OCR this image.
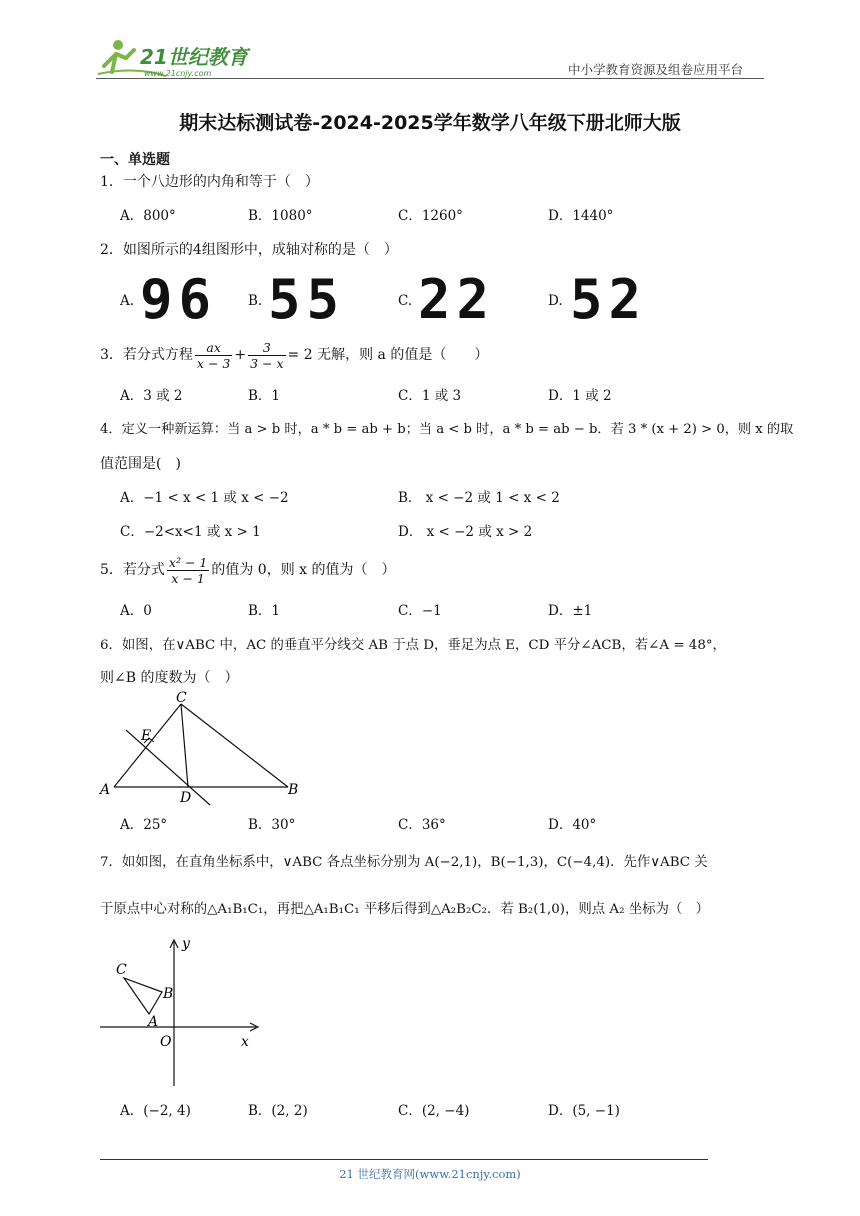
21世纪教育
www.21cnjy.com	中小学教育资源及组卷应用平台
期末达标测试卷-2024-2025学年数学八年级下册北师大版
一、单选题
1．一个八边形的内角和等于（　）
A．800°	B．1080°	C．1260°	D．1440°
2．如图所示的4组图形中，成轴对称的是（　）
A. 96 B. 55	C. 22	D. 52
3．若分式方程 $\frac{ax}{x - 3} + \frac{3}{3 - x} = 2$ 无解，则 a 的值是（　　）
A．3 或 2	B．1	C．1 或 3	D．1 或 2
4．定义一种新运算：当 a > b 时，a * b = ab + b；当 a < b 时，a * b = ab − b．若 3 * (x + 2) > 0，则 x 的取
值范围是(　)
A．−1 < x < 1 或 x < −2	B． x < −2 或 1 < x < 2
C．−2<x<1 或 x > 1	D． x < −2 或 x > 2
5．若分式 $\frac{\text{x² − 1}}{x - 1}$ 的值为 0，则 x 的值为（　）
A．0	B．1	C．−1	D．±1
6．如图，在∨ABC 中，AC 的垂直平分线交 AB 于点 D，垂足为点 E，CD 平分∠ACB，若∠A = 48°，
则∠B 的度数为（　）
C
E
A	D	B
A．25°	B．30°	C．36°	D．40°
7．如如图，在直角坐标系中，∨ABC 各点坐标分别为 A(−2,1)，B(−1,3)，C(−4,4)．先作∨ABC 关
于原点中心对称的△A₁B₁C₁，再把△A₁B₁C₁ 平移后得到△A₂B₂C₂．若 B₂(1,0)，则点 A₂ 坐标为（　）
y
x
O
C
B
A
A．(−2, 4)	B．(2, 2)	C．(2, −4)	D．(5, −1)
21 世纪教育网(www.21cnjy.com)
